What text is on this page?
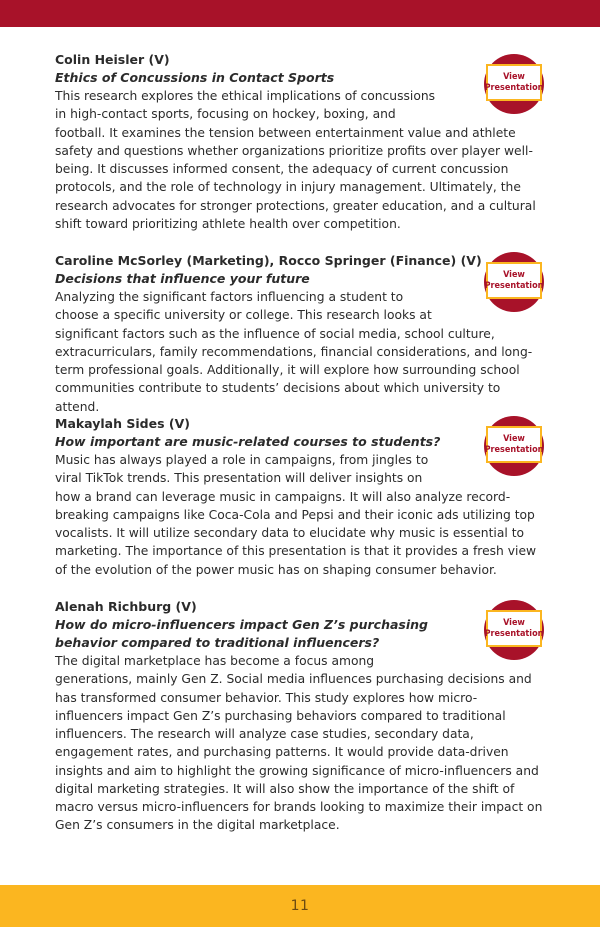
Colin Heisler (V)
Ethics of Concussions in Contact Sports
This research explores the ethical implications of concussions in high-contact sports, focusing on hockey, boxing, and football. It examines the tension between entertainment value and athlete safety and questions whether organizations prioritize profits over player well-being. It discusses informed consent, the adequacy of current concussion protocols, and the role of technology in injury management. Ultimately, the research advocates for stronger protections, greater education, and a cultural shift toward prioritizing athlete health over competition.
View
Presentation
Caroline McSorley (Marketing), Rocco Springer (Finance) (V)
Decisions that influence your future
Analyzing the significant factors influencing a student to choose a specific university or college. This research looks at significant factors such as the influence of social media, school culture, extracurriculars, family recommendations, financial considerations, and long-term professional goals. Additionally, it will explore how surrounding school communities contribute to students’ decisions about which university to attend.
View
Presentation
Makaylah Sides (V)
How important are music-related courses to students?
Music has always played a role in campaigns, from jingles to viral TikTok trends. This presentation will deliver insights on how a brand can leverage music in campaigns. It will also analyze record-breaking campaigns like Coca-Cola and Pepsi and their iconic ads utilizing top vocalists. It will utilize secondary data to elucidate why music is essential to marketing. The importance of this presentation is that it provides a fresh view of the evolution of the power music has on shaping consumer behavior.
View
Presentation
Alenah Richburg (V)
How do micro-influencers impact Gen Z’s purchasing behavior compared to traditional influencers?
The digital marketplace has become a focus among generations, mainly Gen Z. Social media influences purchasing decisions and has transformed consumer behavior. This study explores how micro-influencers impact Gen Z’s purchasing behaviors compared to traditional influencers. The research will analyze case studies, secondary data, engagement rates, and purchasing patterns. It would provide data-driven insights and aim to highlight the growing significance of micro-influencers and digital marketing strategies. It will also show the importance of the shift of macro versus micro-influencers for brands looking to maximize their impact on Gen Z’s consumers in the digital marketplace.
View
Presentation
11
